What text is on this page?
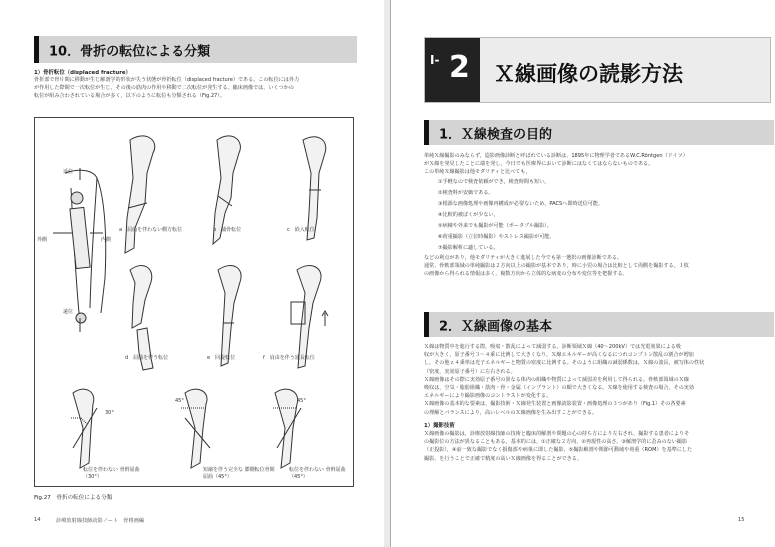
10．骨折の転位による分類
1）骨折転位（displaced fracture）

骨折部で骨片間に移動が生じ解剖学的形状が失う状態が骨折転位（displaced fracture）である。この転位には外力

が作用した際間で一次転位が生じ，その後の筋肉の作用や移動で二次転位が発生する。臨床画像では，いくつかの

転位が組み合わされている場合が多く，以下のように転位も分類される（Fig.27）。

近位
遠位
外側	内側
a　屈曲を伴わない側方転位	b　捕骨転位	c　嵌入転位
d　屈曲を伴う転位	e　回旋転位	f　肩由を伴う延長転位
転位を伴わない 骨幹屈曲（30°）
短縮を伴う完全な 膝側転位骨間屈曲（45°）
転位を伴わない 骨幹屈曲（45°）
30°
45°	45°
Fig.27　骨折の転位による分類
14	診療放射線技師読影ノート　骨格画編
I- 2 Ｘ線画像の読影方法
1．Ｘ線検査の目的

単純Ｘ線撮影のみならず，造影画像診断と呼ばれている診断は，1895年に物理学者であるW.C.Röntgen（ドイツ）

がＸ線を発見したことに端を発し，今日でも医療界において診断にはなくてはならないものである。

この単純Ｘ線撮影は他モダリティと比べても，

①手軽なので検査依頼ができ，検査時間も短い。
②検査料が安価である。
③根源な画像処理や画像再構成が必要ないため，PACSへ即時送信可能。
④比較的被ばくが少ない。
⑤病棟や外来でも撮影が可能（ポータブル撮影）。
⑥荷重撮影（立位時撮影）やストレス撮影が可能。
⑦撮影解析に適している。

などの利点があり，他モダリティが大きく進展した今でも第一選択の画像診断である。

通常，骨軟部領域の単純撮影は２方向以上の撮影が基本であり，時に小児の場合は比較として両側を撮影する。１枚

の画像から得られる情報は多く，複数方向から立体的な病変の分布や変位等を把握する。

2．Ｘ線画像の基本

Ｘ線は物質中を進行する際，吸収・散乱によって減弱する。診断領域Ｘ線（40～200kV）では光電効果による吸

収が大きく，原子番号３～４乗に比例して大きくなり，Ｘ線エネルギーが高くなるにつれコンプトン散乱の割合が増加

し，その他ｚ４乗率は光子エネルギーと物質の密度に比例する。そのように組織の減弱係数は，Ｘ線の波長，被写体の性状

（密度，実効原子番号）に左右される。

Ｘ線画像はその際に実効原子番号の異なる体内の組織や物質によって減弱差を利用して得られる。骨軟部領域のＸ線

吸収は，空気・脂肪組織・筋肉・骨・金属（インプラント）の順で大きくなる。Ｘ線を使用する検査の場合，その実効

エネルギーにより撮影画像のコントラストが変化する。

Ｘ線画像の基本的な要素は，撮影技術・Ｘ線発生装置と画像読影装置・画像処理の３つがあり（Fig.1）その各要素

の理解とバランスにより，高いレベルのＸ線画像を生み出すことができる。

1）撮影技術

Ｘ線画像の撮影は，診療放射線技師の技術と臨床的解剖や問題の心の持ち方により左右され，撮影する患者によりそ

の撮影位の方法が異なることもある。基本的には，①正確な２方向，②再現性の高さ，③解剖学的に歪みのない撮影

（正投影），④前一致な撮影でなく損傷部や病巣に即した撮影，⑤撮影解剖や関節可動域や荷重（ROM）を基準にした

撮影，を行うことで正確で精度の高いＸ線画像を得ることができる。

15
